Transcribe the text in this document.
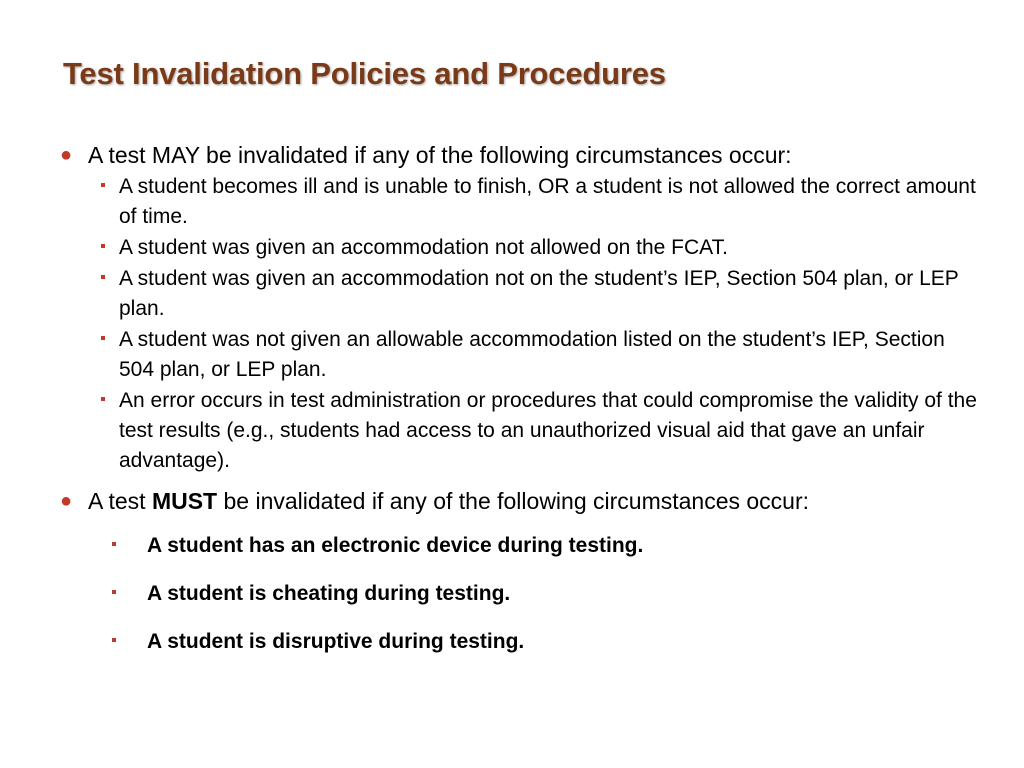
Test Invalidation Policies and Procedures
● A test MAY be invalidated if any of the following circumstances occur:
A student becomes ill and is unable to finish, OR a student is not allowed the correct amount of time.
A student was given an accommodation not allowed on the FCAT.
A student was given an accommodation not on the student’s IEP, Section 504 plan, or LEP plan.
A student was not given an allowable accommodation listed on the student’s IEP, Section 504 plan, or LEP plan.
An error occurs in test administration or procedures that could compromise the validity of the test results (e.g., students had access to an unauthorized visual aid that gave an unfair advantage).
● A test MUST be invalidated if any of the following circumstances occur:
A student has an electronic device during testing.
A student is cheating during testing.
A student is disruptive during testing.
